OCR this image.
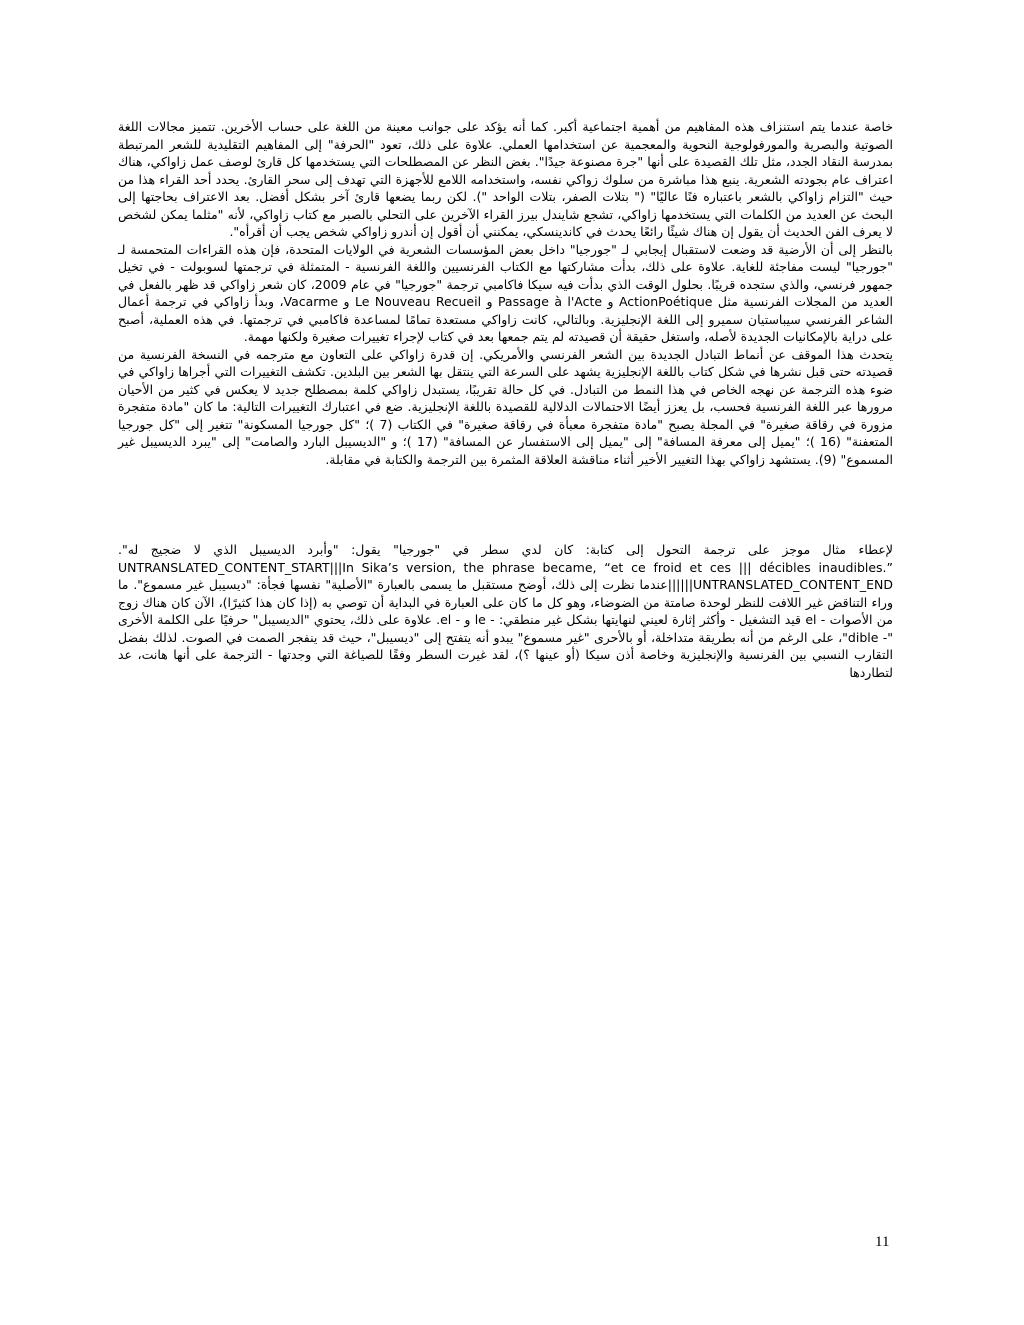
خاصة عندما يتم استنزاف هذه المفاهيم من أهمية اجتماعية أكبر. كما أنه يؤكد على جوانب معينة من اللغة على حساب الأخرين. تتميز مجالات اللغة الصوتية والبصرية والمورفولوجية النحوية والمعجمية عن استخدامها العملي. علاوة على ذلك، تعود "الحرفة" إلى المفاهيم التقليدية للشعر المرتبطة بمدرسة النقاد الجدد، مثل تلك القصيدة على أنها "جرة مصنوعة جيدًا". بغض النظر عن المصطلحات التي يستخدمها كل قارئ لوصف عمل زاواكي، هناك اعتراف عام بجودته الشعرية. ينبع هذا مباشرة من سلوك زواكي نفسه، واستخدامه اللامع للأجهزة التي تهدف إلى سحر القارئ. يحدد أحد القراء هذا من حيث "التزام زاواكي بالشعر باعتباره فنًا عاليًا" (" بتلات الصفر، بتلات الواحد "). لكن ربما يضعها قارئ آخر بشكل أفضل. بعد الاعتراف بحاجتها إلى البحث عن العديد من الكلمات التي يستخدمها زاواكي، تشجع شايندل بيرز القراء الآخرين على التحلي بالصبر مع كتاب زاواكي، لأنه "مثلما يمكن لشخص لا يعرف الفن الحديث أن يقول إن هناك شيئًا رائعًا يحدث في كاندينسكي، يمكنني أن أقول إن أندرو زاواكي شخص يجب أن أقرأه".

بالنظر إلى أن الأرضية قد وضعت لاستقبال إيجابي لـ "جورجيا" داخل بعض المؤسسات الشعرية في الولايات المتحدة، فإن هذه القراءات المتحمسة لـ "جورجيا" ليست مفاجئة للغاية. علاوة على ذلك، بدأت مشاركتها مع الكتاب الفرنسيين واللغة الفرنسية - المتمثلة في ترجمتها لسوبولت - في تخيل جمهور فرنسي، والذي ستجده قريبًا. بحلول الوقت الذي بدأت فيه سيكا فاكامبي ترجمة "جورجيا" في عام 2009، كان شعر زاواكي قد ظهر بالفعل في العديد من المجلات الفرنسية مثل ActionPoétique و Passage à l'Acte و Le Nouveau Recueil و Vacarme، وبدأ زاواكي في ترجمة أعمال الشاعر الفرنسي سيباستيان سميرو إلى اللغة الإنجليزية. وبالتالي، كانت زاواكي مستعدة تمامًا لمساعدة فاكامبي في ترجمتها. في هذه العملية، أصبح على دراية بالإمكانيات الجديدة لأصله، واستغل حقيقة أن قصيدته لم يتم جمعها بعد في كتاب لإجراء تغييرات صغيرة ولكنها مهمة.

يتحدث هذا الموقف عن أنماط التبادل الجديدة بين الشعر الفرنسي والأمريكي. إن قدرة زاواكي على التعاون مع مترجمه في النسخة الفرنسية من قصيدته حتى قبل نشرها في شكل كتاب باللغة الإنجليزية يشهد على السرعة التي ينتقل بها الشعر بين البلدين. تكشف التغييرات التي أجراها زاواكي في ضوء هذه الترجمة عن نهجه الخاص في هذا النمط من التبادل. في كل حالة تقريبًا، يستبدل زاواكي كلمة بمصطلح جديد لا يعكس في كثير من الأحيان مرورها عبر اللغة الفرنسية فحسب، بل يعزز أيضًا الاحتمالات الدلالية للقصيدة باللغة الإنجليزية. ضع في اعتبارك التغييرات التالية: ما كان "مادة متفجرة مزورة في رقاقة صغيرة" في المجلة يصبح "مادة متفجرة معبأة في رقاقة صغيرة" في الكتاب (7 )؛ "كل جورجيا المسكونة" تتغير إلى "كل جورجيا المتعفنة" (16 )؛ "يميل إلى معرفة المسافة" إلى "يميل إلى الاستفسار عن المسافة" (17 )؛ و "الديسيبل البارد والصامت" إلى "يبرد الديسيبل غير المسموع" (9). يستشهد زاواكي بهذا التغيير الأخير أثناء مناقشة العلاقة المثمرة بين الترجمة والكتابة في مقابلة.

لإعطاء مثال موجز على ترجمة التحول إلى كتابة: كان لدي سطر في "جورجيا" يقول: "وأبرد الديسيبل الذي لا ضجيج له". UNTRANSLATED_CONTENT_START|||In Sika’s version, the phrase became, “et ce froid et ces ||| décibles inaudibles.” |||UNTRANSLATED_CONTENT_END|||عندما نظرت إلى ذلك، أوضح مستقبل ما يسمى بالعبارة "الأصلية" نفسها فجأة: "ديسيبل غير مسموع". ما وراء التناقض غير اللافت للنظر لوحدة صامتة من الضوضاء، وهو كل ما كان على العبارة في البداية أن توصي به (إذا كان هذا كثيرًا)، الآن كان هناك زوج من الأصوات - el قيد التشغيل - وأكثر إثارة لعيني لنهايتها بشكل غير منطقي: - le و - el. علاوة على ذلك، يحتوي "الديسيبل" حرفيًا على الكلمة الأخرى "- dible"، على الرغم من أنه بطريقة متداخلة، أو بالأحرى "غير مسموع" يبدو أنه يتفتح إلى "ديسيبل"، حيث قد ينفجر الصمت في الصوت. لذلك بفضل التقارب النسبي بين الفرنسية والإنجليزية وخاصة أذن سيكا (أو عينها ؟)، لقد غيرت السطر وفقًا للصياغة التي وجدتها - الترجمة على أنها هانت، عد لتطاردها

11
